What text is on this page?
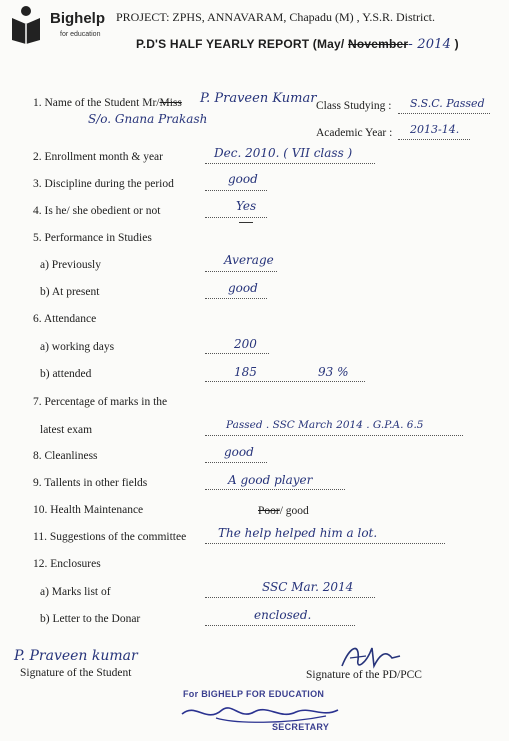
Bighelp
for education
PROJECT: ZPHS, ANNAVARAM, Chapadu (M) , Y.S.R. District.
P.D'S HALF YEARLY REPORT (May/ November- 2014 )
1. Name of the Student Mr/Miss P. Praveen Kumar
S/o. Gnana Prakash
Class Studying : S.S.C. Passed
Academic Year : 2013-14.
2. Enrollment month & year	Dec. 2010. ( VII class )
3. Discipline during the period	good
4. Is he/ she obedient or not	Yes
5. Performance in Studies
a) Previously	Average
b) At present	good
6. Attendance
a) working days	200
b) attended	185	93 %
7. Percentage of marks in the
latest exam	Passed . SSC March 2014 . G.P.A. 6.5
8. Cleanliness	good
9. Tallents in other fields	A good player
10. Health Maintenance	Poor/ good
11. Suggestions of the committee	The help helped him a lot.
12. Enclosures
a) Marks list of	SSC Mar. 2014
b) Letter to the Donar	enclosed.
P. Praveen kumar
Signature of the Student	Signature of the PD/PCC
For BIGHELP FOR EDUCATION
SECRETARY
